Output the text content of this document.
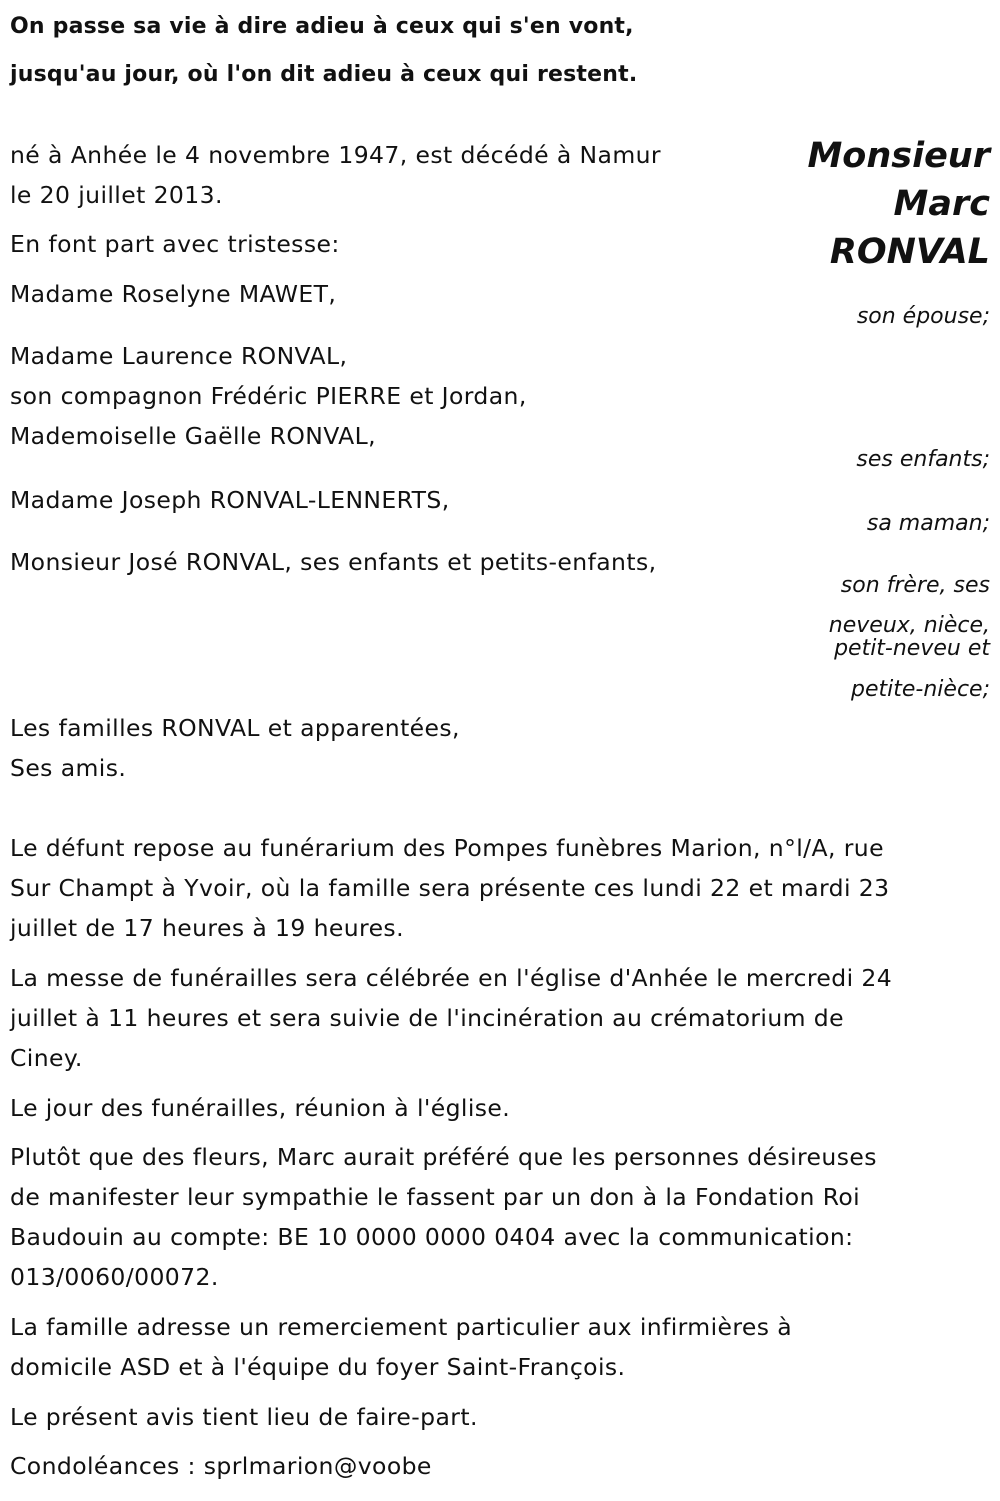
On passe sa vie à dire adieu à ceux qui s'en vont,
jusqu'au jour, où l'on dit adieu à ceux qui restent.
Monsieur
Marc
RONVAL
né à Anhée le 4 novembre 1947, est décédé à Namur
le 20 juillet 2013.
En font part avec tristesse:
Madame Roselyne MAWET,
son épouse;
Madame Laurence RONVAL,
son compagnon Frédéric PIERRE et Jordan,
Mademoiselle Gaëlle RONVAL,
ses enfants;
Madame Joseph RONVAL-LENNERTS,
sa maman;
Monsieur José RONVAL, ses enfants et petits-enfants,
son frère, ses
neveux, nièce,
petit-neveu et
petite-nièce;
Les familles RONVAL et apparentées,
Ses amis.
Le défunt repose au funérarium des Pompes funèbres Marion, n°l/A, rue
Sur Champt à Yvoir, où la famille sera présente ces lundi 22 et mardi 23
juillet de 17 heures à 19 heures.
La messe de funérailles sera célébrée en l'église d'Anhée le mercredi 24
juillet à 11 heures et sera suivie de l'incinération au crématorium de
Ciney.
Le jour des funérailles, réunion à l'église.
Plutôt que des fleurs, Marc aurait préféré que les personnes désireuses
de manifester leur sympathie le fassent par un don à la Fondation Roi
Baudouin au compte: BE 10 0000 0000 0404 avec la communication:
013/0060/00072.
La famille adresse un remerciement particulier aux infirmières à
domicile ASD et à l'équipe du foyer Saint-François.
Le présent avis tient lieu de faire-part.
Condoléances : sprlmarion@voobe
